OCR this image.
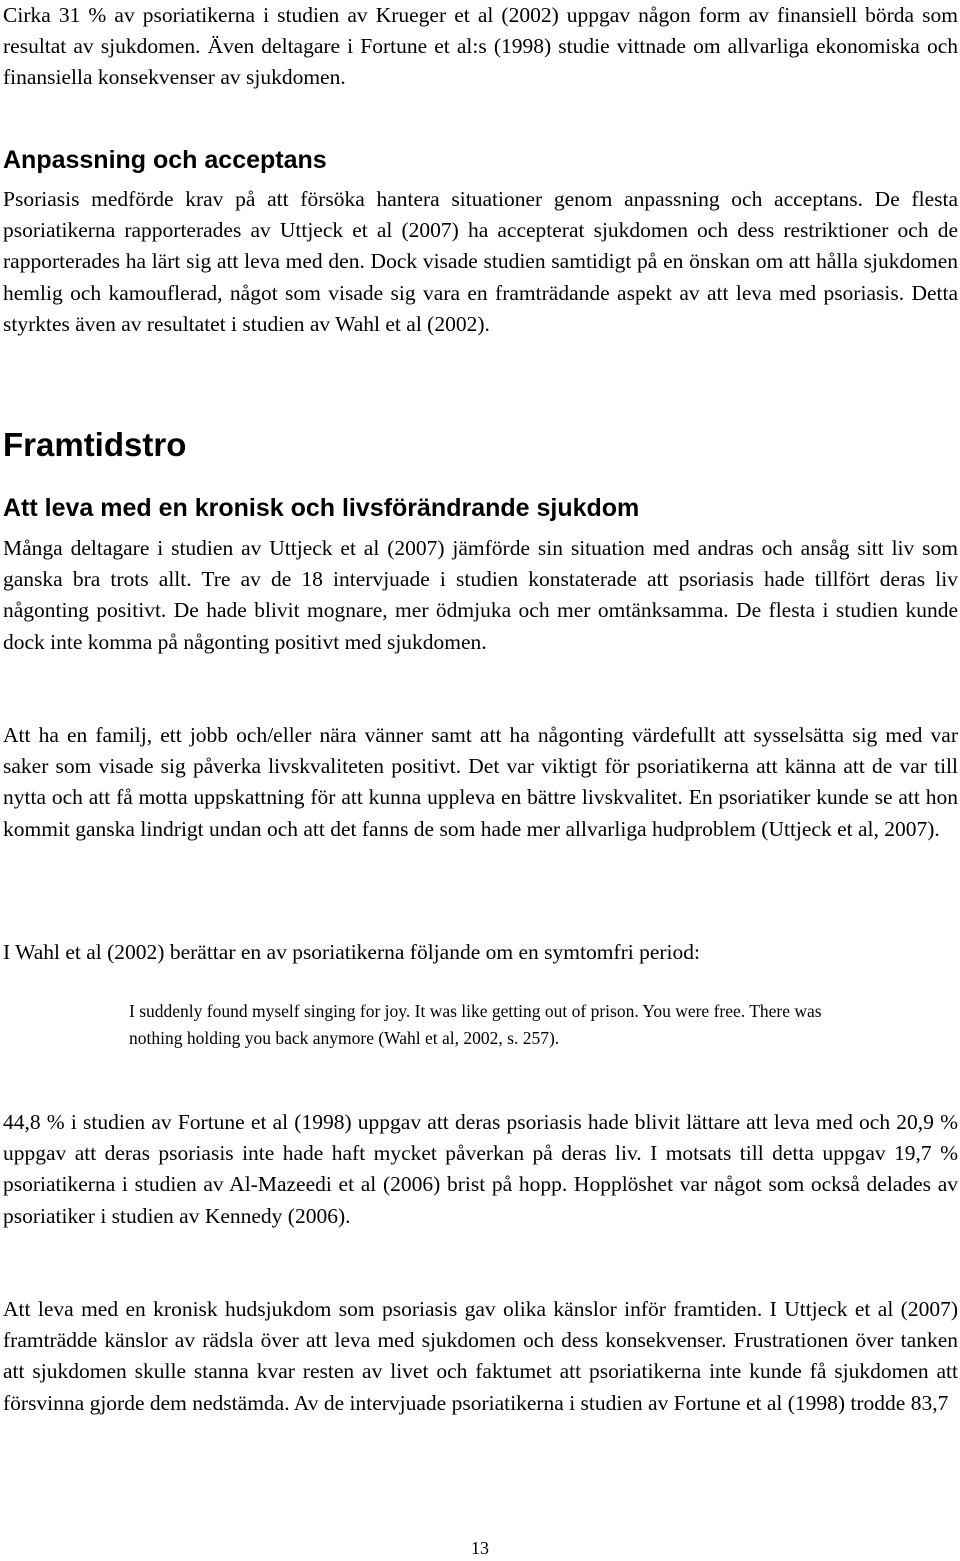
Cirka 31 % av psoriatikerna i studien av Krueger et al (2002) uppgav någon form av finansiell börda som resultat av sjukdomen. Även deltagare i Fortune et al:s (1998) studie vittnade om allvarliga ekonomiska och finansiella konsekvenser av sjukdomen.

Anpassning och acceptans

Psoriasis medförde krav på att försöka hantera situationer genom anpassning och acceptans. De flesta psoriatikerna rapporterades av Uttjeck et al (2007) ha accepterat sjukdomen och dess restriktioner och de rapporterades ha lärt sig att leva med den. Dock visade studien samtidigt på en önskan om att hålla sjukdomen hemlig och kamouflerad, något som visade sig vara en framträdande aspekt av att leva med psoriasis. Detta styrktes även av resultatet i studien av Wahl et al (2002).

Framtidstro
Att leva med en kronisk och livsförändrande sjukdom

Många deltagare i studien av Uttjeck et al (2007) jämförde sin situation med andras och ansåg sitt liv som ganska bra trots allt. Tre av de 18 intervjuade i studien konstaterade att psoriasis hade tillfört deras liv någonting positivt. De hade blivit mognare, mer ödmjuka och mer omtänksamma. De flesta i studien kunde dock inte komma på någonting positivt med sjukdomen.

Att ha en familj, ett jobb och/eller nära vänner samt att ha någonting värdefullt att sysselsätta sig med var saker som visade sig påverka livskvaliteten positivt. Det var viktigt för psoriatikerna att känna att de var till nytta och att få motta uppskattning för att kunna uppleva en bättre livskvalitet. En psoriatiker kunde se att hon kommit ganska lindrigt undan och att det fanns de som hade mer allvarliga hudproblem (Uttjeck et al, 2007).

I Wahl et al (2002) berättar en av psoriatikerna följande om en symtomfri period:

I suddenly found myself singing for joy. It was like getting out of prison. You were free. There was nothing holding you back anymore (Wahl et al, 2002, s. 257).

44,8 % i studien av Fortune et al (1998) uppgav att deras psoriasis hade blivit lättare att leva med och 20,9 % uppgav att deras psoriasis inte hade haft mycket påverkan på deras liv. I motsats till detta uppgav 19,7 % psoriatikerna i studien av Al-Mazeedi et al (2006) brist på hopp. Hopplöshet var något som också delades av psoriatiker i studien av Kennedy (2006).

Att leva med en kronisk hudsjukdom som psoriasis gav olika känslor inför framtiden. I Uttjeck et al (2007) framträdde känslor av rädsla över att leva med sjukdomen och dess konsekvenser. Frustrationen över tanken att sjukdomen skulle stanna kvar resten av livet och faktumet att psoriatikerna inte kunde få sjukdomen att försvinna gjorde dem nedstämda. Av de intervjuade psoriatikerna i studien av Fortune et al (1998) trodde 83,7

13
